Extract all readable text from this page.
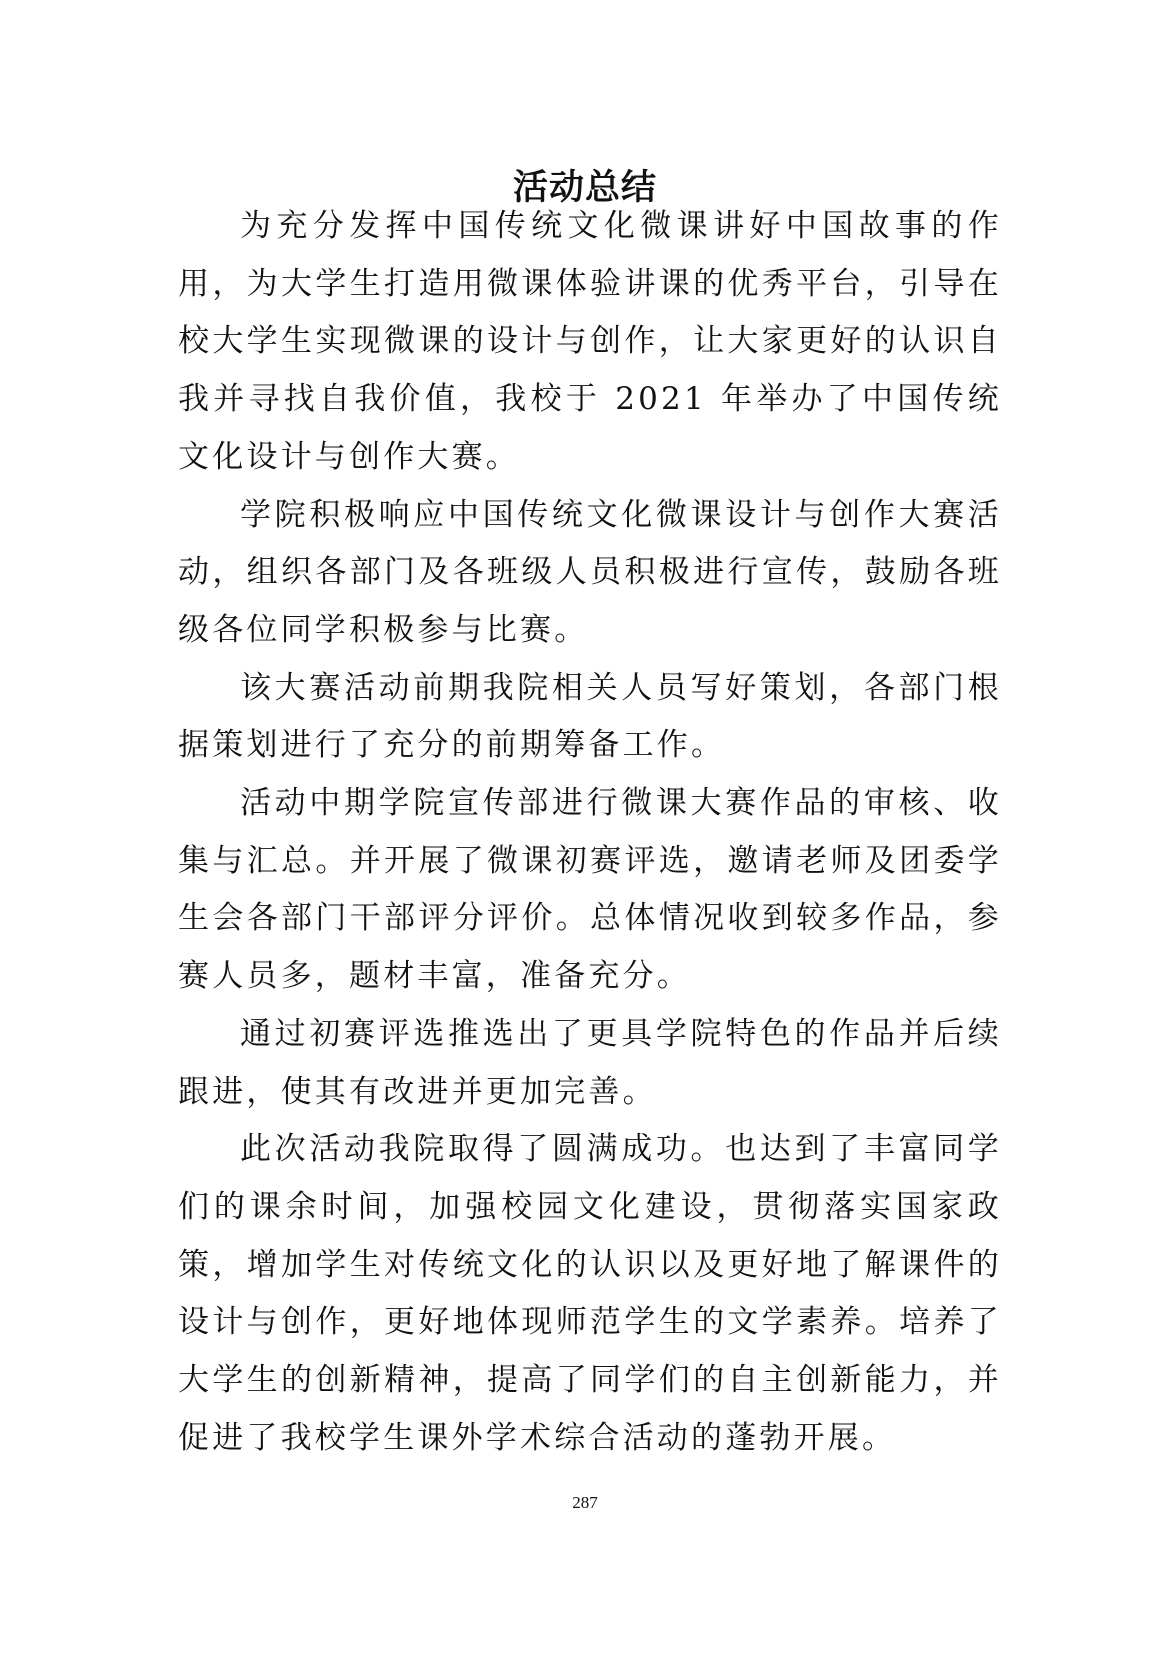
活动总结

为充分发挥中国传统文化微课讲好中国故事的作用，为大学生打造用微课体验讲课的优秀平台，引导在校大学生实现微课的设计与创作，让大家更好的认识自我并寻找自我价值，我校于 2021 年举办了中国传统文化设计与创作大赛。

学院积极响应中国传统文化微课设计与创作大赛活动，组织各部门及各班级人员积极进行宣传，鼓励各班级各位同学积极参与比赛。

该大赛活动前期我院相关人员写好策划，各部门根据策划进行了充分的前期筹备工作。

活动中期学院宣传部进行微课大赛作品的审核、收集与汇总。并开展了微课初赛评选，邀请老师及团委学生会各部门干部评分评价。总体情况收到较多作品，参赛人员多，题材丰富，准备充分。

通过初赛评选推选出了更具学院特色的作品并后续跟进，使其有改进并更加完善。

此次活动我院取得了圆满成功。也达到了丰富同学们的课余时间，加强校园文化建设，贯彻落实国家政策，增加学生对传统文化的认识以及更好地了解课件的设计与创作，更好地体现师范学生的文学素养。培养了大学生的创新精神，提高了同学们的自主创新能力，并促进了我校学生课外学术综合活动的蓬勃开展。

287
